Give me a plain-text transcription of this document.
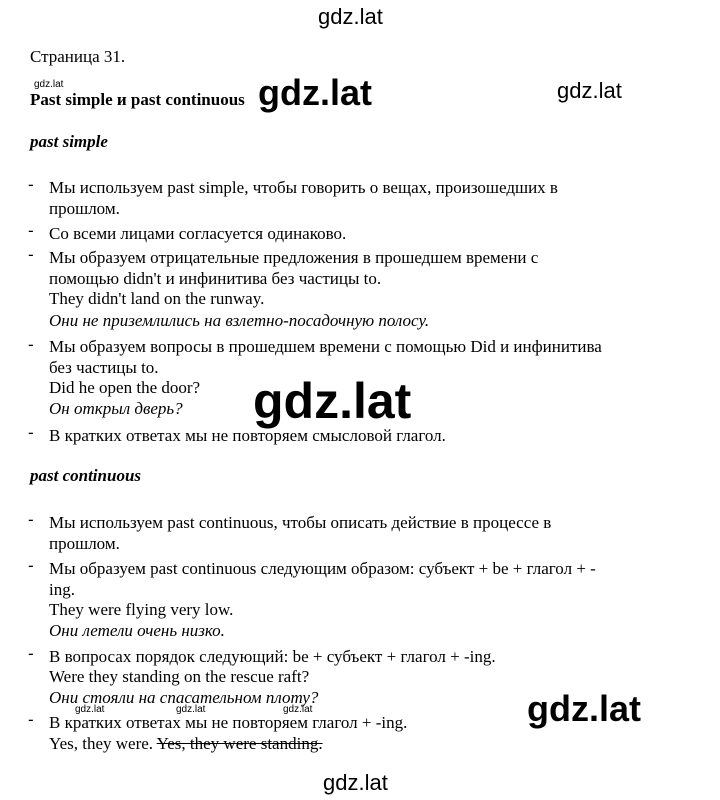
gdz.lat
gdz.lat	gdz.lat
Страница 31.
Past simple и past continuous gdz.lat
past simple
- Мы используем past simple, чтобы говорить о вещах, произошедших в
прошлом.
- Со всеми лицами согласуется одинаково.
- Мы образуем отрицательные предложения в прошедшем времени с
помощью didn't и инфинитива без частицы to.
They didn't land on the runway.
Они не приземлились на взлетно-посадочную полосу.
- Мы образуем вопросы в прошедшем времени с помощью Did и инфинитива
без частицы to.
Did he open the door?
Он открыл дверь?
- В кратких ответах мы не повторяем смысловой глагол.
gdz.lat
past continuous
- Мы используем past continuous, чтобы описать действие в процессе в
прошлом.
- Мы образуем past continuous следующим образом: субъект + be + глагол + -
ing.
They were flying very low.
Они летели очень низко.
- В вопросах порядок следующий: be + субъект + глагол + -ing.
Were they standing on the rescue raft?
Они стояли на спасательном плоту?
- В кратких ответах мы не повторяем глагол + -ing.
Yes, they were. Yes, they were standing.
gdz.lat	gdz.lat	gdz.lat	gdz.lat
gdz.lat
